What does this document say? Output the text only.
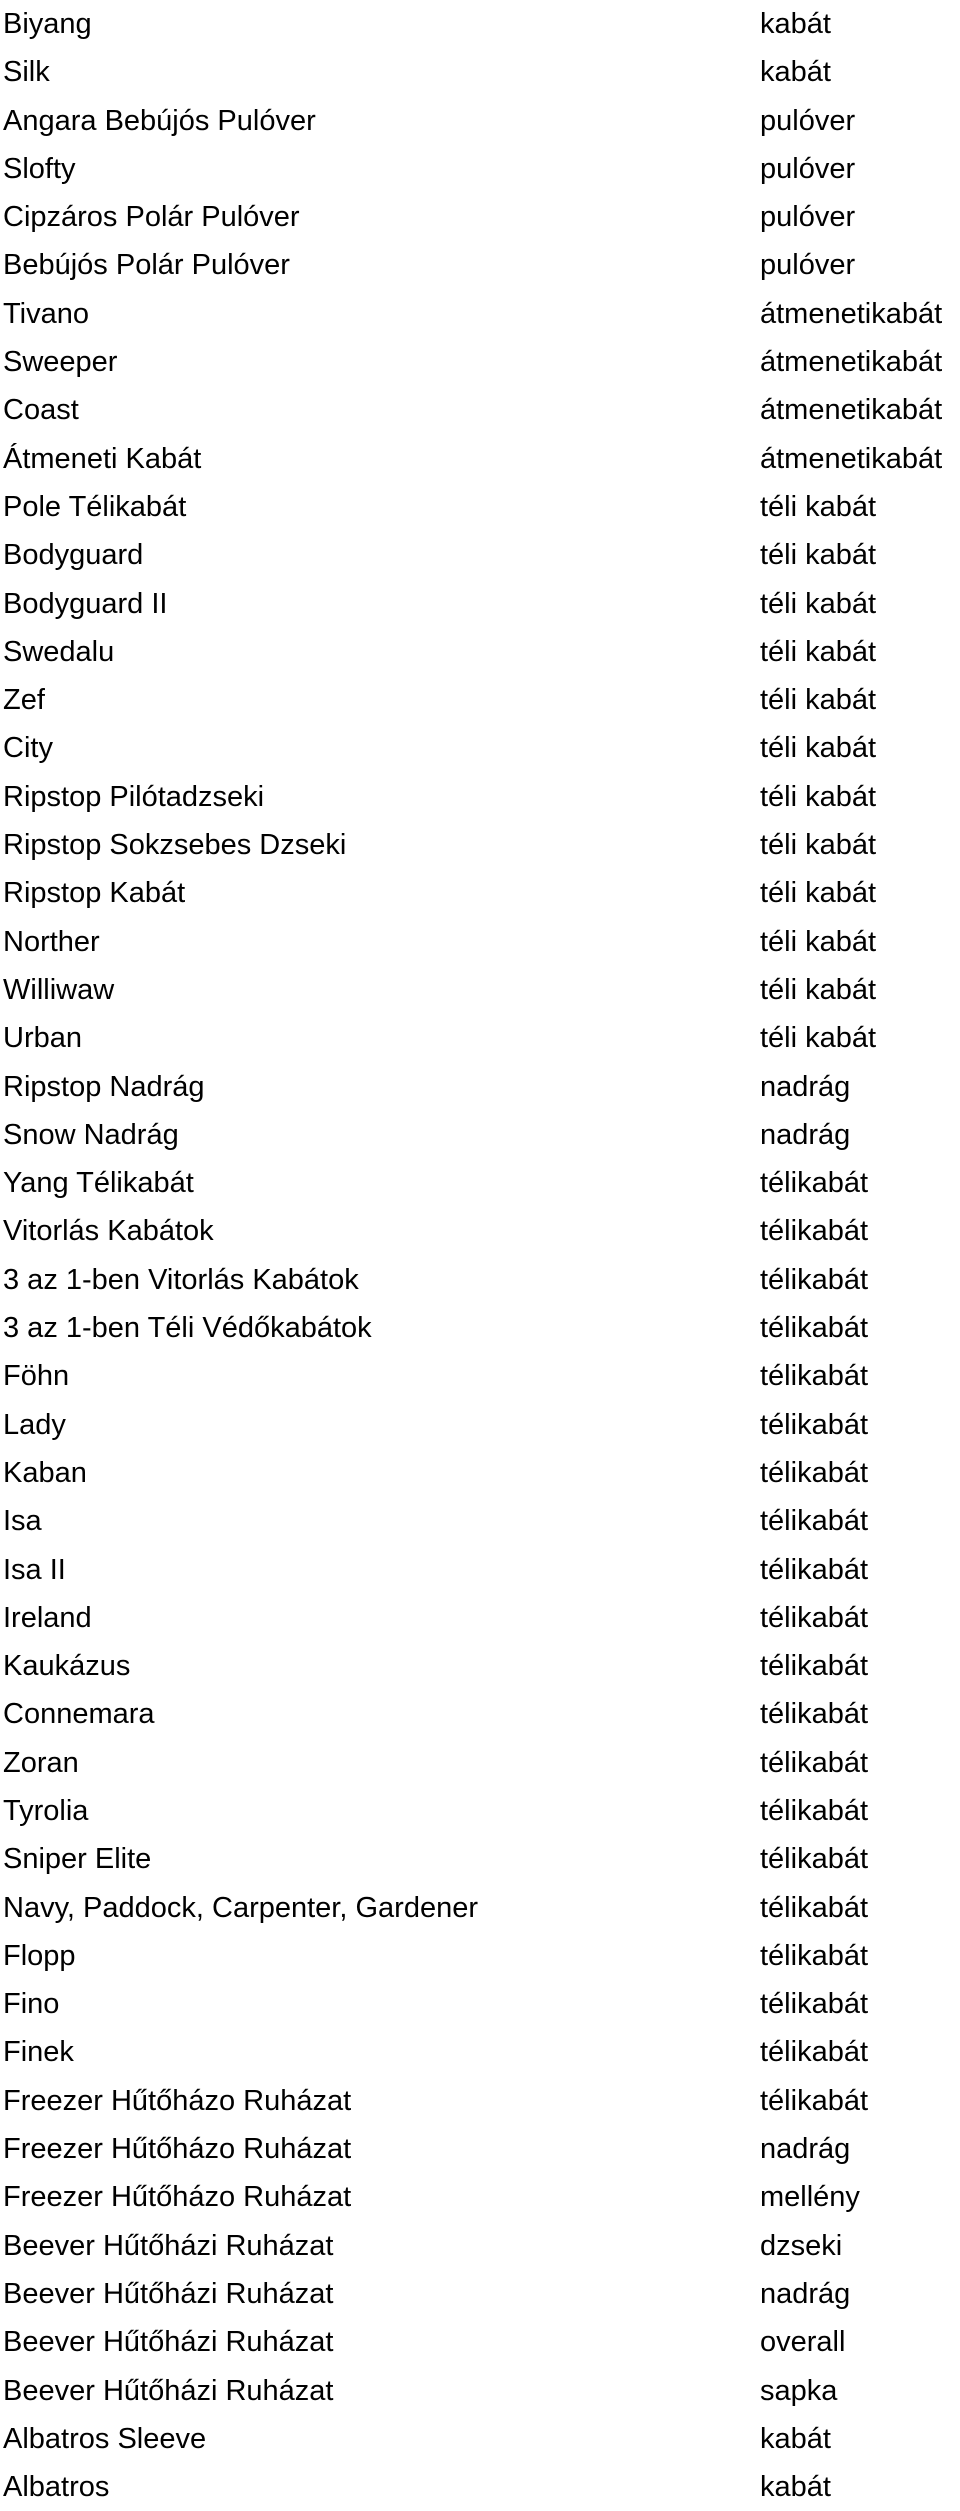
Biyang	kabát
Silk	kabát
Angara Bebújós Pulóver	pulóver
Slofty	pulóver
Cipzáros Polár Pulóver	pulóver
Bebújós Polár Pulóver	pulóver
Tivano	átmenetikabát
Sweeper	átmenetikabát
Coast	átmenetikabát
Átmeneti Kabát	átmenetikabát
Pole Télikabát	téli kabát
Bodyguard	téli kabát
Bodyguard II	téli kabát
Swedalu	téli kabát
Zef	téli kabát
City	téli kabát
Ripstop Pilótadzseki	téli kabát
Ripstop Sokzsebes Dzseki	téli kabát
Ripstop Kabát	téli kabát
Norther	téli kabát
Williwaw	téli kabát
Urban	téli kabát
Ripstop Nadrág	nadrág
Snow Nadrág	nadrág
Yang Télikabát	télikabát
Vitorlás Kabátok	télikabát
3 az 1-ben Vitorlás Kabátok	télikabát
3 az 1-ben Téli Védőkabátok	télikabát
Föhn	télikabát
Lady	télikabát
Kaban	télikabát
Isa	télikabát
Isa II	télikabát
Ireland	télikabát
Kaukázus	télikabát
Connemara	télikabát
Zoran	télikabát
Tyrolia	télikabát
Sniper Elite	télikabát
Navy, Paddock, Carpenter, Gardener	télikabát
Flopp	télikabát
Fino	télikabát
Finek	télikabát
Freezer Hűtőházo Ruházat	télikabát
Freezer Hűtőházo Ruházat	nadrág
Freezer Hűtőházo Ruházat	mellény
Beever Hűtőházi Ruházat	dzseki
Beever Hűtőházi Ruházat	nadrág
Beever Hűtőházi Ruházat	overall
Beever Hűtőházi Ruházat	sapka
Albatros Sleeve	kabát
Albatros	kabát
